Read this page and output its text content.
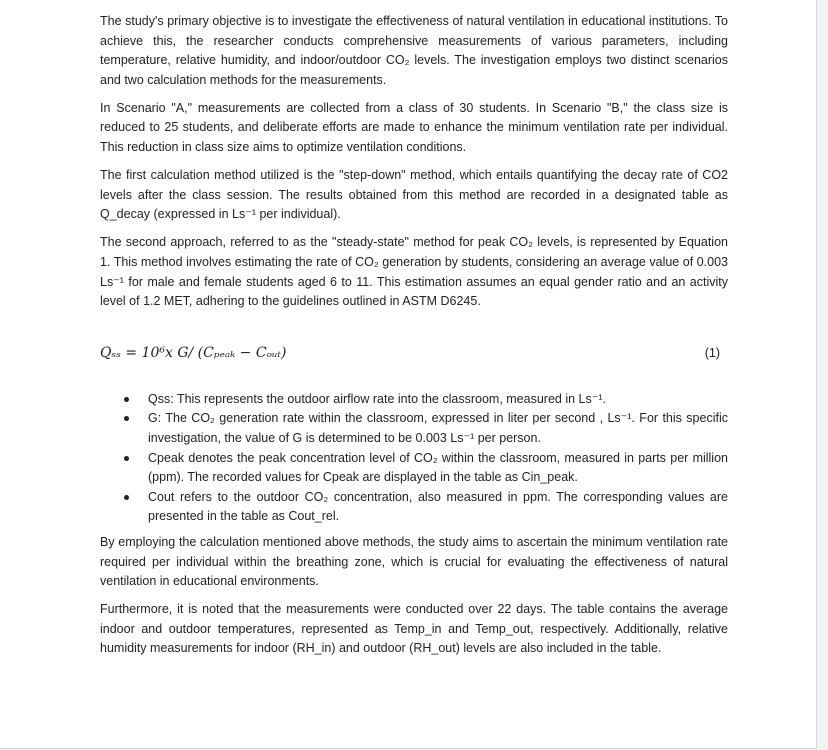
The study's primary objective is to investigate the effectiveness of natural ventilation in educational institutions. To achieve this, the researcher conducts comprehensive measurements of various parameters, including temperature, relative humidity, and indoor/outdoor CO₂ levels. The investigation employs two distinct scenarios and two calculation methods for the measurements.

In Scenario "A," measurements are collected from a class of 30 students. In Scenario "B," the class size is reduced to 25 students, and deliberate efforts are made to enhance the minimum ventilation rate per individual. This reduction in class size aims to optimize ventilation conditions.

The first calculation method utilized is the "step-down" method, which entails quantifying the decay rate of CO2 levels after the class session. The results obtained from this method are recorded in a designated table as Q_decay (expressed in Ls⁻¹ per individual).

The second approach, referred to as the "steady-state" method for peak CO₂ levels, is represented by Equation 1. This method involves estimating the rate of CO₂ generation by students, considering an average value of 0.003 Ls⁻¹ for male and female students aged 6 to 11. This estimation assumes an equal gender ratio and an activity level of 1.2 MET, adhering to the guidelines outlined in ASTM D6245.

Qₛₛ = 10⁶x G/ (Cₚₑₐₖ − Cₒᵤₜ)	(1)
Qss: This represents the outdoor airflow rate into the classroom, measured in Ls⁻¹.
G: The CO₂ generation rate within the classroom, expressed in liter per second , Ls⁻¹. For this specific investigation, the value of G is determined to be 0.003 Ls⁻¹ per person.
Cpeak denotes the peak concentration level of CO₂ within the classroom, measured in parts per million (ppm). The recorded values for Cpeak are displayed in the table as Cin_peak.
Cout refers to the outdoor CO₂ concentration, also measured in ppm. The corresponding values are presented in the table as Cout_rel.

By employing the calculation mentioned above methods, the study aims to ascertain the minimum ventilation rate required per individual within the breathing zone, which is crucial for evaluating the effectiveness of natural ventilation in educational environments.

Furthermore, it is noted that the measurements were conducted over 22 days. The table contains the average indoor and outdoor temperatures, represented as Temp_in and Temp_out, respectively. Additionally, relative humidity measurements for indoor (RH_in) and outdoor (RH_out) levels are also included in the table.
